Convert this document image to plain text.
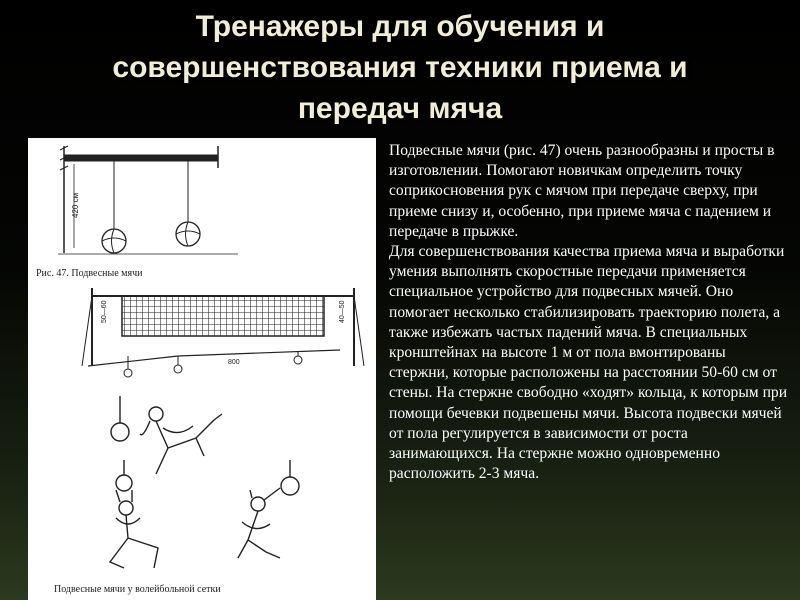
Тренажеры для обучения и
совершенствования техники приема и
передач мяча
420 см
Рис. 47. Подвесные мячи
50—60	40—50
800
Подвесные мячи у волейбольной сетки

Подвесные мячи (рис. 47) очень разнообразны и просты в изготовлении. Помогают новичкам определить точку соприкосновения рук с мячом при передаче сверху, при приеме снизу и, особенно, при приеме мяча с падением и передаче в прыжке.

Для совершенствования качества приема мяча и выработки умения выполнять скоростные передачи применяется специальное устройство для подвесных мячей. Оно помогает несколько стабилизировать траекторию полета, а также избежать частых падений мяча. В специальных кронштейнах на высоте 1 м от пола вмонтированы стержни, которые расположены на расстоянии 50-60 см от стены. На стержне свободно «ходят» кольца, к которым при помощи бечевки подвешены мячи. Высота подвески мячей от пола регулируется в зависимости от роста занимающихся. На стержне можно одновременно расположить 2-3 мяча.
